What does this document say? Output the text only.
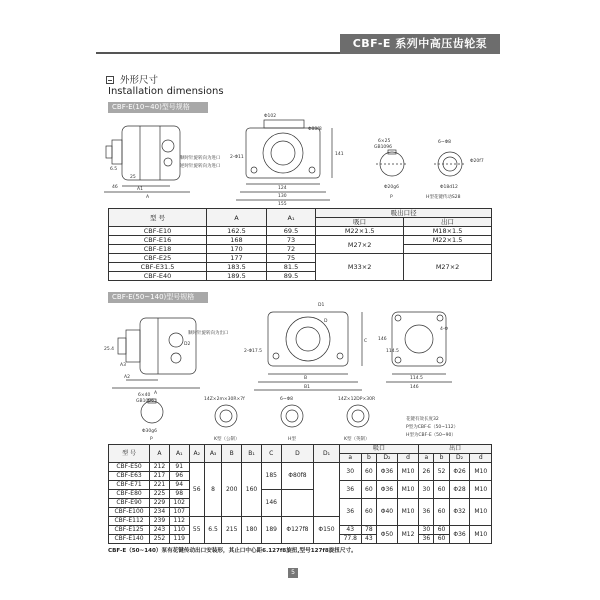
CBF-E 系列中高压齿轮泵
外形尺寸
Installation dimensions
CBF-E(10~40)型号规格
6.5
46	A1
A
25
顺时针旋转向为进口
逆时针旋转向为进口
Φ102
Φ88f8
2-Φ11
141
124
130
155
6×25
GB1096
Φ20g6
P
6~Φ8
Φ20f7
Φ18d12
H型花键传动S28
型 号	A	A₁	吸出口径	
			吸口	出口
CBF-E10	162.5	69.5	M22×1.5	M18×1.5
CBF-E16	168	73	M27×2	M22×1.5
CBF-E18	170	72		
CBF-E25	177	75	M33×2	M27×2
CBF-E31.5	183.5	81.5		
CBF-E40	189.5	89.5		
CBF-E(50~140)型号规格
25.4
顺时针旋转向为出口
D2
A3
A2
A
D1
D
2-Φ17.5
C
B
B1
146
114.5
114.5
146
4-Φ
6×40
GB1096
Φ30g6
P
14Z×2m×30R×7f
K型（公制）
6~Φ8
H型
14Z×12DP×30R
K型（英制）
花键有效长度32
P型为CBF-E（50~112）
H型为CBF-E（50~90）
型 号	A	A₁	A₂	A₃	B	B₁	C	D	D₁	吸口				出口			
										a	b	D₂	d	a	b	D₂	d
CBF-E50	212	91	56	8	200	160	185	Φ80f8		30	60	Φ36	M10	26	52	Φ26	M10
CBF-E63	217	96															
CBF-E71	221	94								36	60	Φ36	M10	30	60	Φ28	M10
CBF-E80	225	98					146										
CBF-E90	229	102								36	60	Φ40	M10	36	60	Φ32	M10
CBF-E100	234	107															
CBF-E112	239	112	55	6.5	215	180	189	Φ127f8	Φ150								
CBF-E125	243	110								43	78	Φ50	M12	30	60	Φ36	M10
CBF-E140	252	119								77.8	43			36	60		
CBF-E（50~140）泵有花键传动出口安装形，其止口中心距6.127f8旋扭,型号127f8旋扭尺寸。
5
